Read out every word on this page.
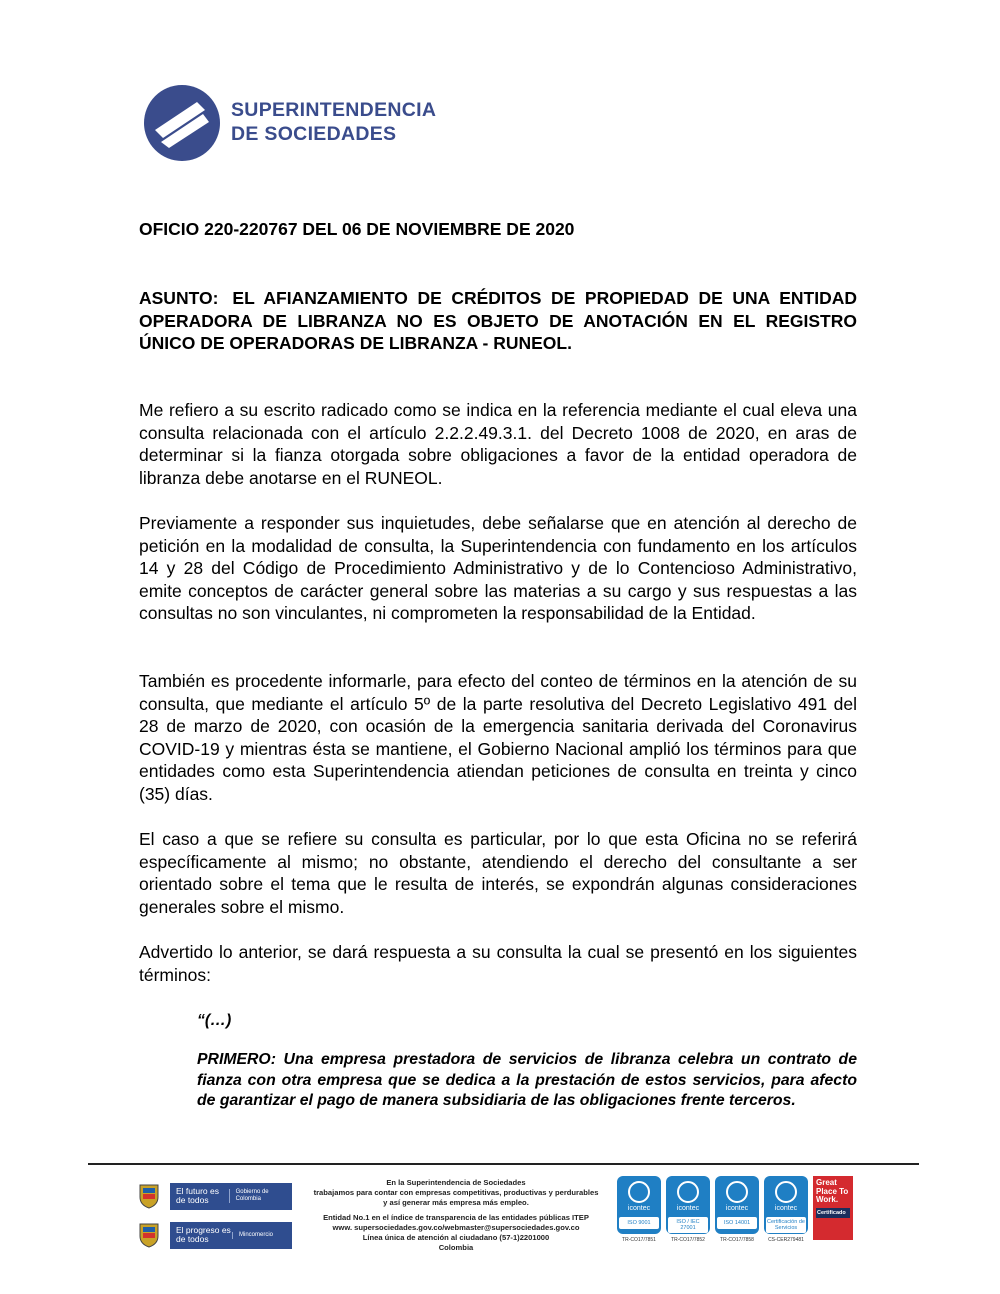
SUPERINTENDENCIA
DE SOCIEDADES
OFICIO 220-220767 DEL 06 DE NOVIEMBRE DE 2020
ASUNTO: EL AFIANZAMIENTO DE CRÉDITOS DE PROPIEDAD DE UNA ENTIDAD OPERADORA DE LIBRANZA NO ES OBJETO DE ANOTACIÓN EN EL REGISTRO ÚNICO DE OPERADORAS DE LIBRANZA - RUNEOL.
Me refiero a su escrito radicado como se indica en la referencia mediante el cual eleva una consulta relacionada con el artículo 2.2.2.49.3.1. del Decreto 1008 de 2020, en aras de determinar si la fianza otorgada sobre obligaciones a favor de la entidad operadora de libranza debe anotarse en el RUNEOL.
Previamente a responder sus inquietudes, debe señalarse que en atención al derecho de petición en la modalidad de consulta, la Superintendencia con fundamento en los artículos 14 y 28 del Código de Procedimiento Administrativo y de lo Contencioso Administrativo, emite conceptos de carácter general sobre las materias a su cargo y sus respuestas a las consultas no son vinculantes, ni comprometen la responsabilidad de la Entidad.
También es procedente informarle, para efecto del conteo de términos en la atención de su consulta, que mediante el artículo 5º de la parte resolutiva del Decreto Legislativo 491 del 28 de marzo de 2020, con ocasión de la emergencia sanitaria derivada del Coronavirus COVID-19 y mientras ésta se mantiene, el Gobierno Nacional amplió los términos para que entidades como esta Superintendencia atiendan peticiones de consulta en treinta y cinco (35) días.
El caso a que se refiere su consulta es particular, por lo que esta Oficina no se referirá específicamente al mismo; no obstante, atendiendo el derecho del consultante a ser orientado sobre el tema que le resulta de interés, se expondrán algunas consideraciones generales sobre el mismo.
Advertido lo anterior, se dará respuesta a su consulta la cual se presentó en los siguientes términos:
“(…)
PRIMERO: Una empresa prestadora de servicios de libranza celebra un contrato de fianza con otra empresa que se dedica a la prestación de estos servicios, para afecto de garantizar el pago de manera subsidiaria de las obligaciones frente terceros.
El futuro es de todos
Gobierno de Colombia
El progreso es de todos	Mincomercio
En la Superintendencia de Sociedades
trabajamos para contar con empresas competitivas, productivas y perdurables
y así generar más empresa más empleo.
Entidad No.1 en el índice de transparencia de las entidades públicas ITEP
www. supersociedades.gov.co/webmaster@supersociedades.gov.co
Línea única de atención al ciudadano (57-1)2201000
Colombia
icontec
ISO 9001
TR-CO17/7851
icontec
ISO / IEC 27001
TR-CO17/7852
icontec
ISO 14001
TR-CO17/7858
icontec
Certificación de Servicios
CS-CER279481
Great Place To Work.
Certificado
